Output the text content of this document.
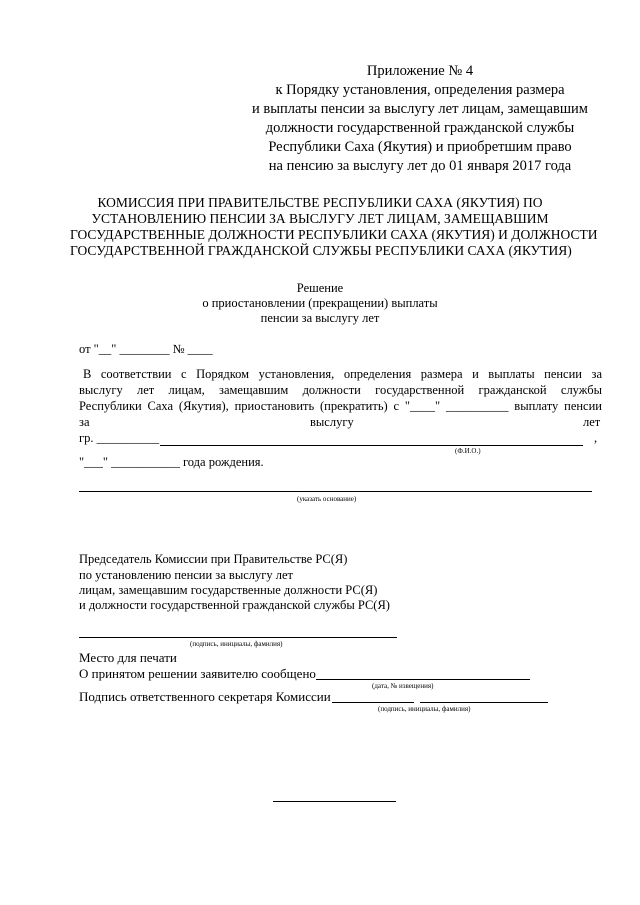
Приложение № 4
к Порядку установления, определения размера
и выплаты пенсии за выслугу лет лицам, замещавшим
должности государственной гражданской службы
Республики Саха (Якутия) и приобретшим право
на пенсию за выслугу лет до 01 января 2017 года
КОМИССИЯ ПРИ ПРАВИТЕЛЬСТВЕ РЕСПУБЛИКИ САХА (ЯКУТИЯ) ПО
УСТАНОВЛЕНИЮ ПЕНСИИ ЗА ВЫСЛУГУ ЛЕТ ЛИЦАМ, ЗАМЕЩАВШИМ
ГОСУДАРСТВЕННЫЕ ДОЛЖНОСТИ РЕСПУБЛИКИ САХА (ЯКУТИЯ) И ДОЛЖНОСТИ
ГОСУДАРСТВЕННОЙ ГРАЖДАНСКОЙ СЛУЖБЫ РЕСПУБЛИКИ САХА (ЯКУТИЯ)
Решение
о приостановлении (прекращении) выплаты
пенсии за выслугу лет
от "__" ________ № ____
В соответствии с Порядком установления, определения размера и выплаты пенсии за
выслугу лет лицам, замещавшим должности государственной гражданской службы
Республики Саха (Якутия), приостановить (прекратить) с "____" __________ выплату пенсии
за	выслугу	лет
гр. __________	,
(Ф.И.О.)
"___" ___________ года рождения.
(указать основание)
Председатель Комиссии при Правительстве РС(Я)
по установлению пенсии за выслугу лет
лицам, замещавшим государственные должности РС(Я)
и должности государственной гражданской службы РС(Я)
(подпись, инициалы, фамилия)
Место для печати
О принятом решении заявителю сообщено
(дата, № извещения)
Подпись ответственного секретаря Комиссии
(подпись, инициалы, фамилия)
